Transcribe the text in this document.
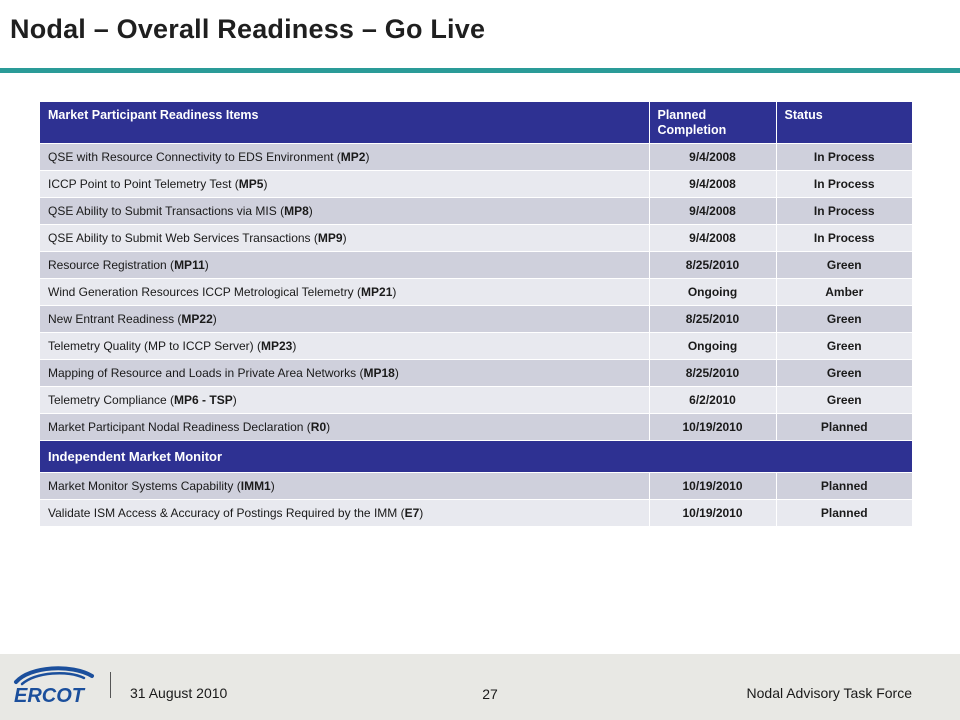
Nodal – Overall Readiness – Go Live
Market Participant Readiness Items	Planned Completion	Status
QSE with Resource Connectivity to EDS Environment (MP2)	9/4/2008	In Process
ICCP Point to Point Telemetry Test (MP5)	9/4/2008	In Process
QSE Ability to Submit Transactions via MIS (MP8)	9/4/2008	In Process
QSE Ability to Submit Web Services Transactions (MP9)	9/4/2008	In Process
Resource Registration (MP11)	8/25/2010	Green
Wind Generation Resources ICCP Metrological Telemetry (MP21)	Ongoing	Amber
New Entrant Readiness (MP22)	8/25/2010	Green
Telemetry Quality (MP to ICCP Server) (MP23)	Ongoing	Green
Mapping of Resource and Loads in Private Area Networks (MP18)	8/25/2010	Green
Telemetry Compliance (MP6 - TSP)	6/2/2010	Green
Market Participant Nodal Readiness Declaration (R0)	10/19/2010	Planned
Independent Market Monitor		
Market Monitor Systems Capability (IMM1)	10/19/2010	Planned
Validate ISM Access & Accuracy of Postings Required by the IMM (E7)	10/19/2010	Planned
ERCOT	31 August 2010	27	Nodal Advisory Task Force
